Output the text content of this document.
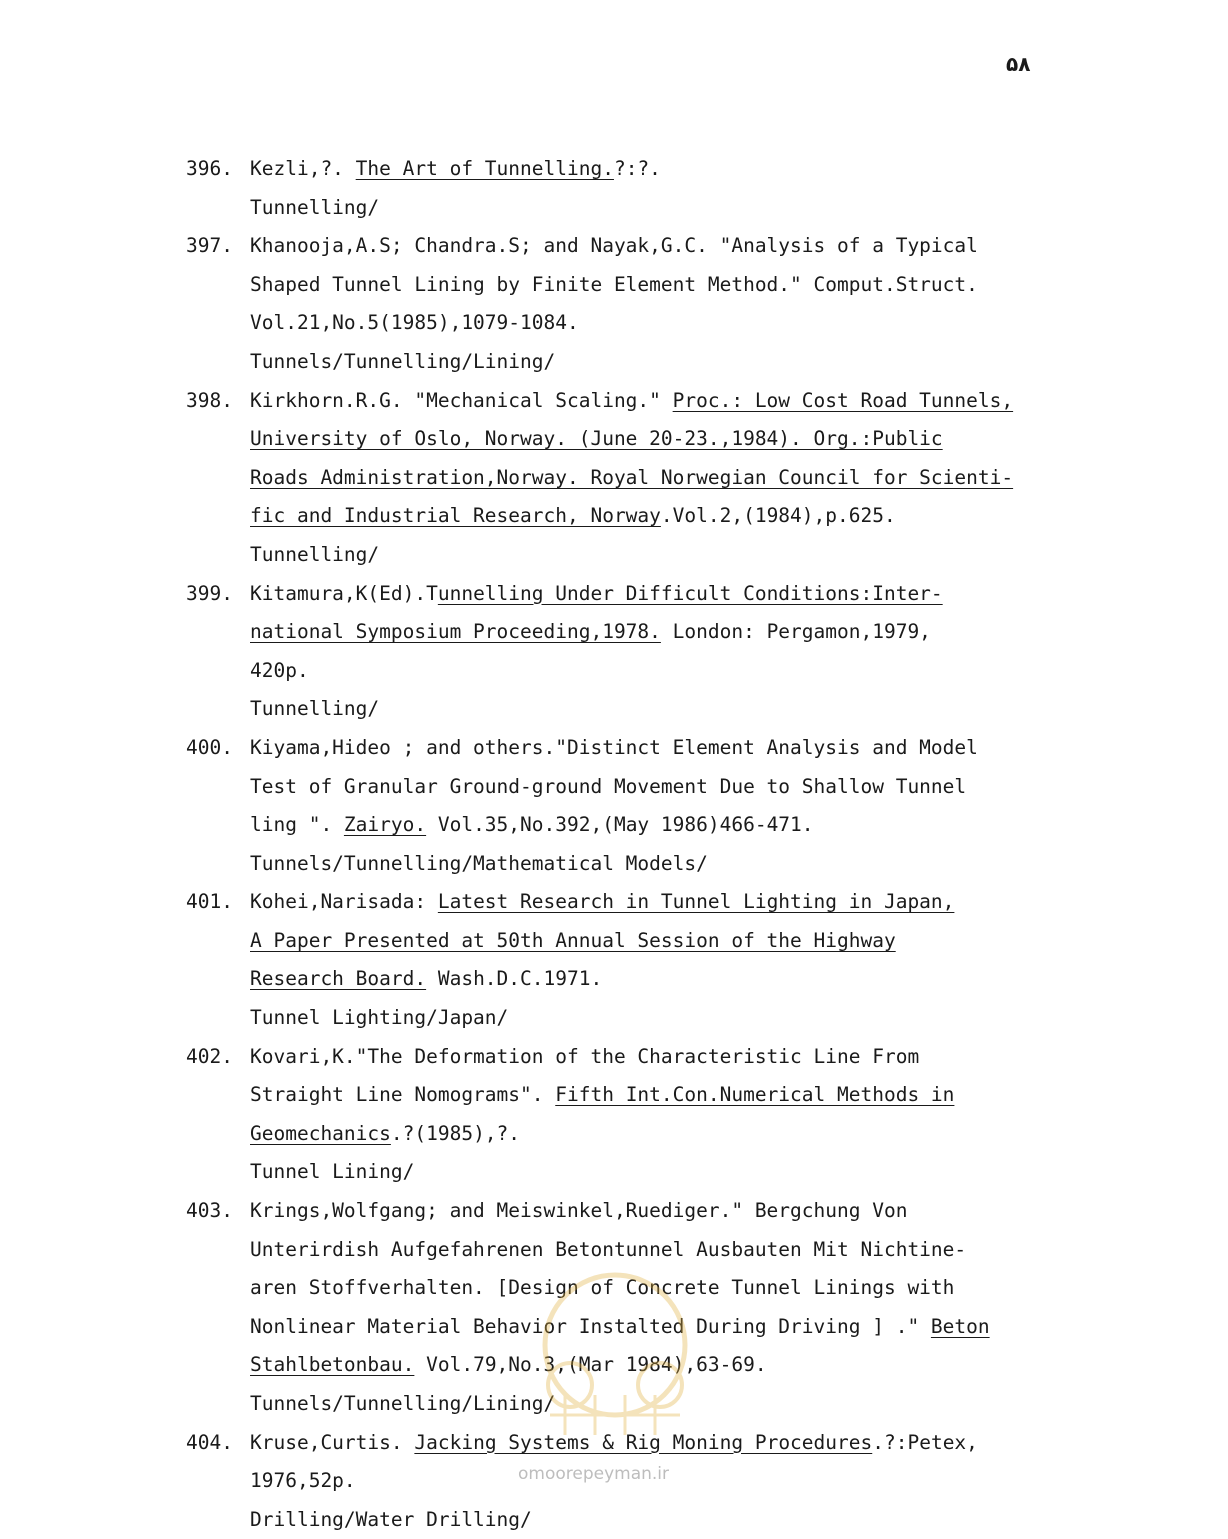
۵۸
396. Kezli,?. The Art of Tunnelling.?:?.
Tunnelling/
397. Khanooja,A.S; Chandra.S; and Nayak,G.C. "Analysis of a Typical
Shaped Tunnel Lining by Finite Element Method." Comput.Struct.
Vol.21,No.5(1985),1079-1084.
Tunnels/Tunnelling/Lining/
398. Kirkhorn.R.G. "Mechanical Scaling." Proc.: Low Cost Road Tunnels,
University of Oslo, Norway. (June 20-23.,1984). Org.:Public
Roads Administration,Norway. Royal Norwegian Council for Scienti-
fic and Industrial Research, Norway.Vol.2,(1984),p.625.
Tunnelling/
399. Kitamura,K(Ed).Tunnelling Under Difficult Conditions:Inter-
national Symposium Proceeding,1978. London: Pergamon,1979,
420p.
Tunnelling/
400. Kiyama,Hideo ; and others."Distinct Element Analysis and Model
Test of Granular Ground-ground Movement Due to Shallow Tunnel
ling ". Zairyo. Vol.35,No.392,(May 1986)466-471.
Tunnels/Tunnelling/Mathematical Models/
401. Kohei,Narisada: Latest Research in Tunnel Lighting in Japan,
A Paper Presented at 50th Annual Session of the Highway
Research Board. Wash.D.C.1971.
Tunnel Lighting/Japan/
402. Kovari,K."The Deformation of the Characteristic Line From
Straight Line Nomograms". Fifth Int.Con.Numerical Methods in
Geomechanics.?(1985),?.
Tunnel Lining/
403. Krings,Wolfgang; and Meiswinkel,Ruediger." Bergchung Von
Unterirdish Aufgefahrenen Betontunnel Ausbauten Mit Nichtine-
aren Stoffverhalten. [Design of Concrete Tunnel Linings with
Nonlinear Material Behavior Instalted During Driving ] ." Beton
Stahlbetonbau. Vol.79,No.3,(Mar 1984),63-69.
Tunnels/Tunnelling/Lining/
404. Kruse,Curtis. Jacking Systems & Rig Moning Procedures.?:Petex,
1976,52p.
Drilling/Water Drilling/
omoorepeyman.ir
